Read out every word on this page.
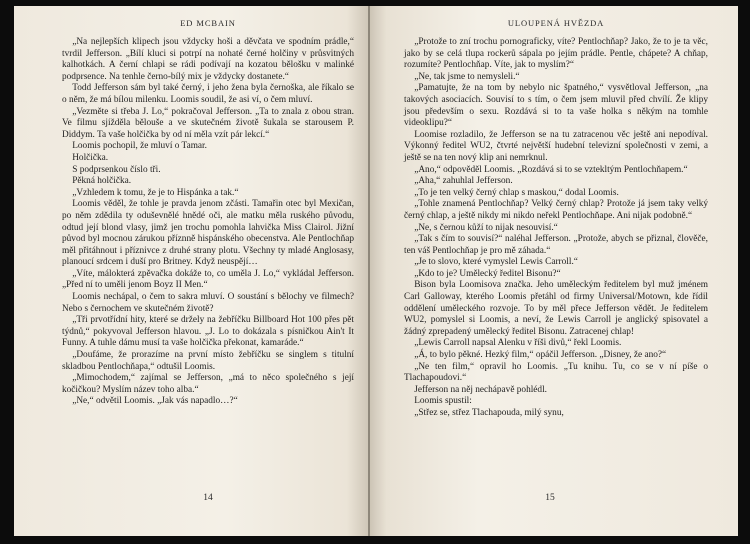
ED MCBAIN

„Na nejlepších klipech jsou vždycky hoši a děvčata ve spodním prádle,“ tvrdil Jefferson. „Bílí kluci si potrpí na nohaté černé holčiny v průsvitných kalhotkách. A černí chlapi se rádi podívají na kozatou bělošku v malinké podprsence. Na tenhle černo-bílý mix je vždycky dostanete.“

Todd Jefferson sám byl také černý, i jeho žena byla černoška, ale říkalo se o něm, že má bílou milenku. Loomis soudil, že asi ví, o čem mluví.

„Vezměte si třeba J. Lo,“ pokračoval Jefferson. „Ta to znala z obou stran. Ve filmu sjížděla bělouše a ve skutečném životě šukala se starousem P. Diddym. Ta vaše holčička by od ní měla vzít pár lekcí.“

Loomis pochopil, že mluví o Tamar.

Holčička.

S podprsenkou číslo tři.

Pěkná holčička.

„Vzhledem k tomu, že je to Hispánka a tak.“

Loomis věděl, že tohle je pravda jenom zčásti. Tamařin otec byl Mexičan, po něm zdědila ty oduševnělé hnědé oči, ale matku měla ruského původu, odtud její blond vlasy, jimž jen trochu pomohla lahvička Miss Clairol. Jižní původ byl mocnou zárukou příznně hispánského obecenstva. Ale Pentlochňap měl přitáhnout i příznivce z druhé strany plotu. Všechny ty mladé Anglosasy, planoucí srdcem i duší pro Britney. Když neuspějí…

„Víte, málokterá zpěvačka dokáže to, co uměla J. Lo,“ vykládal Jefferson. „Před ní to uměli jenom Boyz II Men.“

Loomis nechápal, o čem to sakra mluví. O soustání s bělochy ve filmech? Nebo s černochem ve skutečném životě?

„Tři prvotřídní hity, které se držely na žebříčku Billboard Hot 100 přes pět týdnů,“ pokyvoval Jefferson hlavou. „J. Lo to dokázala s písničkou Ain't It Funny. A tuhle dámu musí ta vaše holčička překonat, kamaráde.“

„Doufáme, že prorazíme na první místo žebříčku se singlem s titulní skladbou Pentlochňapa,“ odtušil Loomis.

„Mimochodem,“ zajímal se Jefferson, „má to něco společného s její kočičkou? Myslím název toho alba.“

„Ne,“ odvětil Loomis. „Jak vás napadlo…?“

14
ULOUPENÁ HVĚZDA

„Protože to zní trochu pornograficky, víte? Pentlochňap? Jako, že to je ta věc, jako by se celá tlupa rockerů sápala po jejím prádle. Pentle, chápete? A chňap, rozumíte? Pentlochňap. Víte, jak to myslím?“

„Ne, tak jsme to nemysleli.“

„Pamatujte, že na tom by nebylo nic špatného,“ vysvětloval Jefferson, „na takových asociacích. Souvisí to s tím, o čem jsem mluvil před chvílí. Že klipy jsou především o sexu. Rozdává si to ta vaše holka s někým na tomhle videoklipu?“

Loomise rozladilo, že Jefferson se na tu zatracenou věc ještě ani nepodíval. Výkonný ředitel WU2, čtvrté největší hudební televizní společnosti v zemi, a ještě se na ten nový klip ani nemrknul.

„Ano,“ odpověděl Loomis. „Rozdává si to se vztekltým Pentlochňapem.“

„Aha,“ zahuhlal Jefferson.

„To je ten velký černý chlap s maskou,“ dodal Loomis.

„Tohle znamená Pentlochňap? Velký černý chlap? Protože já jsem taky velký černý chlap, a ještě nikdy mi nikdo neřekl Pentlochňape. Ani nijak podobně.“

„Ne, s černou kůží to nijak nesouvisí.“

„Tak s čím to souvisí?“ naléhal Jefferson. „Protože, abych se přiznal, člověče, ten váš Pentlochňap je pro mě záhada.“

„Je to slovo, které vymyslel Lewis Carroll.“

„Kdo to je? Umělecký ředitel Bisonu?“

Bison byla Loomisova značka. Jeho uměleckým ředitelem byl muž jménem Carl Galloway, kterého Loomis přetáhl od firmy Universal/Motown, kde řídil oddělení uměleckého rozvoje. To by měl přece Jefferson vědět. Je ředitelem WU2, pomyslel si Loomis, a neví, že Lewis Carroll je anglický spisovatel a žádný zprepadený umělecký ředitel Bisonu. Zatracenej chlap!

„Lewis Carroll napsal Alenku v říši divů,“ řekl Loomis.

„Á, to bylo pěkné. Hezký film,“ opáčil Jefferson. „Disney, že ano?“

„Ne ten film,“ opravil ho Loomis. „Tu knihu. Tu, co se v ní píše o Tlachapoudovi.“

Jefferson na něj nechápavě pohlédl.

Loomis spustil:

„Střez se, střez Tlachapouda, milý synu,

15
